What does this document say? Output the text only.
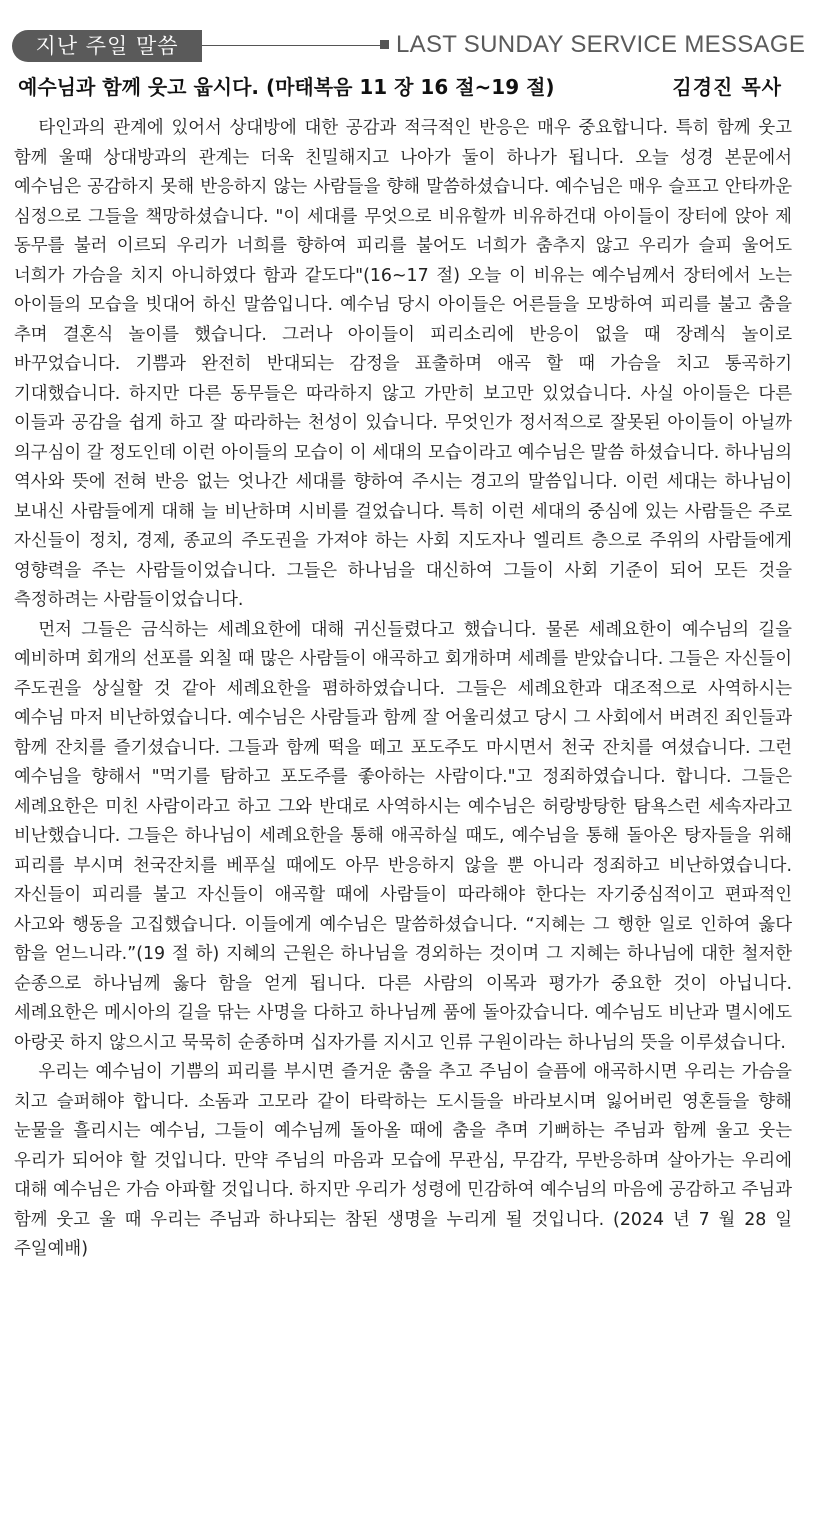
지난 주일 말씀	LAST SUNDAY SERVICE MESSAGE
예수님과 함께 웃고 웁시다. (마태복음 11 장 16 절~19 절)	김경진 목사

타인과의 관계에 있어서 상대방에 대한 공감과 적극적인 반응은 매우 중요합니다. 특히 함께 웃고 함께 울때 상대방과의 관계는 더욱 친밀해지고 나아가 둘이 하나가 됩니다. 오늘 성경 본문에서 예수님은 공감하지 못해 반응하지 않는 사람들을 향해 말씀하셨습니다. 예수님은 매우 슬프고 안타까운 심정으로 그들을 책망하셨습니다. "이 세대를 무엇으로 비유할까 비유하건대 아이들이 장터에 앉아 제 동무를 불러 이르되 우리가 너희를 향하여 피리를 불어도 너희가 춤추지 않고 우리가 슬피 울어도 너희가 가슴을 치지 아니하였다 함과 같도다"(16~17 절) 오늘 이 비유는 예수님께서 장터에서 노는 아이들의 모습을 빗대어 하신 말씀입니다. 예수님 당시 아이들은 어른들을 모방하여 피리를 불고 춤을 추며 결혼식 놀이를 했습니다. 그러나 아이들이 피리소리에 반응이 없을 때 장례식 놀이로 바꾸었습니다. 기쁨과 완전히 반대되는 감정을 표출하며 애곡 할 때 가슴을 치고 통곡하기 기대했습니다. 하지만 다른 동무들은 따라하지 않고 가만히 보고만 있었습니다. 사실 아이들은 다른 이들과 공감을 쉽게 하고 잘 따라하는 천성이 있습니다. 무엇인가 정서적으로 잘못된 아이들이 아닐까 의구심이 갈 정도인데 이런 아이들의 모습이 이 세대의 모습이라고 예수님은 말씀 하셨습니다. 하나님의 역사와 뜻에 전혀 반응 없는 엇나간 세대를 향하여 주시는 경고의 말씀입니다. 이런 세대는 하나님이 보내신 사람들에게 대해 늘 비난하며 시비를 걸었습니다. 특히 이런 세대의 중심에 있는 사람들은 주로 자신들이 정치, 경제, 종교의 주도권을 가져야 하는 사회 지도자나 엘리트 층으로 주위의 사람들에게 영향력을 주는 사람들이었습니다. 그들은 하나님을 대신하여 그들이 사회 기준이 되어 모든 것을 측정하려는 사람들이었습니다.

먼저 그들은 금식하는 세례요한에 대해 귀신들렸다고 했습니다. 물론 세례요한이 예수님의 길을 예비하며 회개의 선포를 외칠 때 많은 사람들이 애곡하고 회개하며 세례를 받았습니다. 그들은 자신들이 주도권을 상실할 것 같아 세례요한을 폄하하였습니다. 그들은 세례요한과 대조적으로 사역하시는 예수님 마저 비난하였습니다. 예수님은 사람들과 함께 잘 어울리셨고 당시 그 사회에서 버려진 죄인들과 함께 잔치를 즐기셨습니다. 그들과 함께 떡을 떼고 포도주도 마시면서 천국 잔치를 여셨습니다. 그런 예수님을 향해서 "먹기를 탐하고 포도주를 좋아하는 사람이다."고 정죄하였습니다. 합니다. 그들은 세례요한은 미친 사람이라고 하고 그와 반대로 사역하시는 예수님은 허랑방탕한 탐욕스런 세속자라고 비난했습니다. 그들은 하나님이 세례요한을 통해 애곡하실 때도, 예수님을 통해 돌아온 탕자들을 위해 피리를 부시며 천국잔치를 베푸실 때에도 아무 반응하지 않을 뿐 아니라 정죄하고 비난하였습니다. 자신들이 피리를 불고 자신들이 애곡할 때에 사람들이 따라해야 한다는 자기중심적이고 편파적인 사고와 행동을 고집했습니다. 이들에게 예수님은 말씀하셨습니다. “지혜는 그 행한 일로 인하여 옳다 함을 얻느니라.”(19 절 하) 지혜의 근원은 하나님을 경외하는 것이며 그 지혜는 하나님에 대한 철저한 순종으로 하나님께 옳다 함을 얻게 됩니다. 다른 사람의 이목과 평가가 중요한 것이 아닙니다. 세례요한은 메시아의 길을 닦는 사명을 다하고 하나님께 품에 돌아갔습니다. 예수님도 비난과 멸시에도 아랑곳 하지 않으시고 묵묵히 순종하며 십자가를 지시고 인류 구원이라는 하나님의 뜻을 이루셨습니다.

우리는 예수님이 기쁨의 피리를 부시면 즐거운 춤을 추고 주님이 슬픔에 애곡하시면 우리는 가슴을 치고 슬퍼해야 합니다. 소돔과 고모라 같이 타락하는 도시들을 바라보시며 잃어버린 영혼들을 향해 눈물을 흘리시는 예수님, 그들이 예수님께 돌아올 때에 춤을 추며 기뻐하는 주님과 함께 울고 웃는 우리가 되어야 할 것입니다. 만약 주님의 마음과 모습에 무관심, 무감각, 무반응하며 살아가는 우리에 대해 예수님은 가슴 아파할 것입니다. 하지만 우리가 성령에 민감하여 예수님의 마음에 공감하고 주님과 함께 웃고 울 때 우리는 주님과 하나되는 참된 생명을 누리게 될 것입니다. (2024 년 7 월 28 일 주일예배)
